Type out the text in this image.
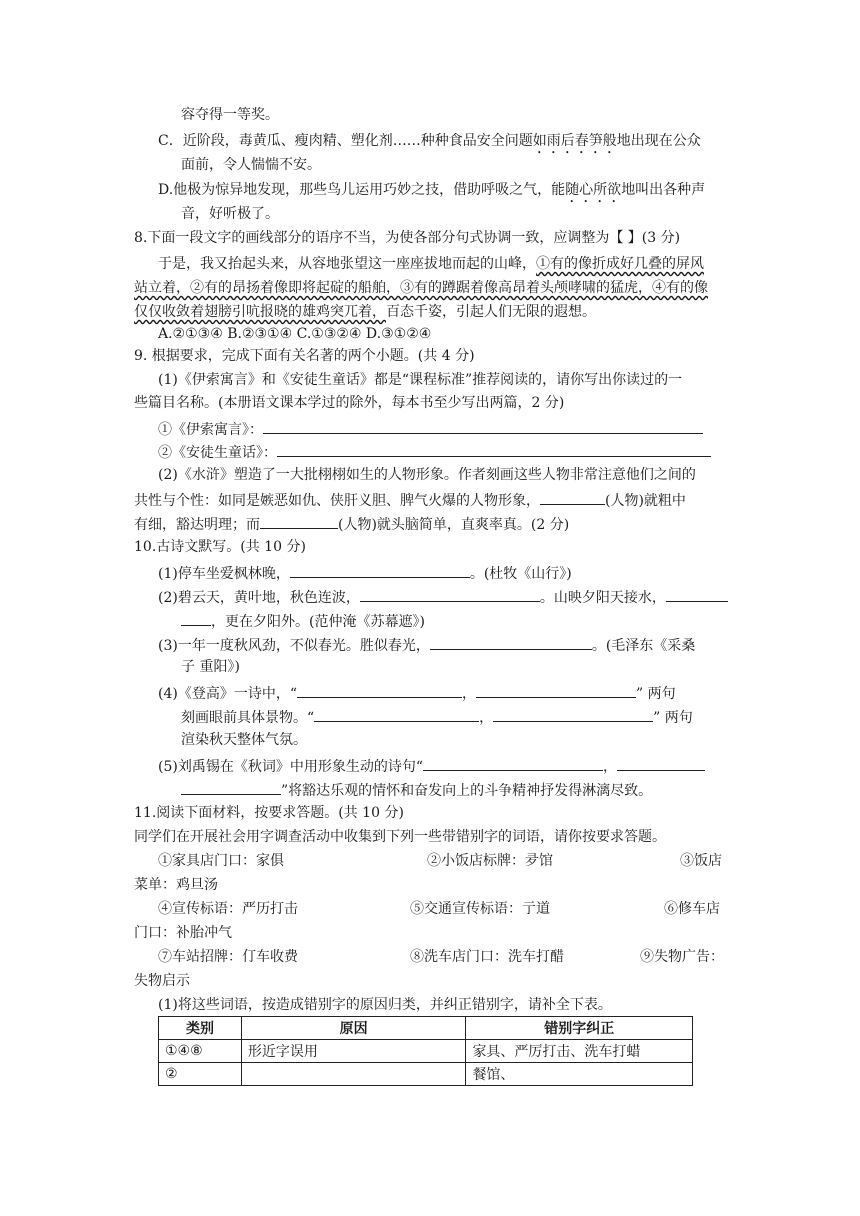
容夺得一等奖。
C．近阶段，毒黄瓜、瘦肉精、塑化剂……种种食品安全问题如雨后春笋般地出现在公众
面前，令人惴惴不安。
D.他极为惊异地发现，那些鸟儿运用巧妙之技，借助呼吸之气，能随心所欲地叫出各种声
音，好听极了。
8.下面一段文字的画线部分的语序不当，为使各部分句式协调一致，应调整为【 】(3 分)
于是，我又抬起头来，从容地张望这一座座拔地而起的山峰，①有的像折成好几叠的屏风
站立着，②有的昂扬着像即将起碇的船舶，③有的蹲踞着像高昂着头颅哮啸的猛虎，④有的像
仅仅收敛着翅膀引吭报晓的雄鸡突兀着，百态千姿，引起人们无限的遐想。
A.②①③④ B.②③①④ C.①③②④ D.③①②④
9. 根据要求，完成下面有关名著的两个小题。(共 4 分)
(1)《伊索寓言》和《安徒生童话》都是“课程标准”推荐阅读的，请你写出你读过的一
些篇目名称。(本册语文课本学过的除外，每本书至少写出两篇，2 分)
①《伊索寓言》：
②《安徒生童话》：
(2)《水浒》塑造了一大批栩栩如生的人物形象。作者刻画这些人物非常注意他们之间的
共性与个性：如同是嫉恶如仇、侠肝义胆、脾气火爆的人物形象，	(人物)就粗中
有细，豁达明理；而	(人物)就头脑简单，直爽率真。(2 分)
10.古诗文默写。(共 10 分)
(1)停车坐爱枫林晚，	。(杜牧《山行》)
(2)碧云天，黄叶地，秋色连波，	。山映夕阳天接水，
，更在夕阳外。(范仲淹《苏幕遮》)
(3)一年一度秋风劲，不似春光。胜似春光，	。(毛泽东《采桑
子 重阳》)
(4)《登高》一诗中，“	，	” 两句
刻画眼前具体景物。“	，	” 两句
渲染秋天整体气氛。
(5)刘禹锡在《秋词》中用形象生动的诗句“	，
”将豁达乐观的情怀和奋发向上的斗争精神抒发得淋漓尽致。
11.阅读下面材料，按要求答题。(共 10 分)
同学们在开展社会用字调查活动中收集到下列一些带错别字的词语，请你按要求答题。
①家具店门口：家俱	②小饭店标牌：夛馆	③饭店
菜单：鸡旦汤
④宣传标语：严历打击	⑤交通宣传标语：亍道	⑥修车店
门口：补胎冲气
⑦车站招牌：仃车收费	⑧洗车店门口：洗车打醋	⑨失物广告：
失物启示
(1)将这些词语，按造成错别字的原因归类，并纠正错别字，请补全下表。
类别	原因	错别字纠正
①④⑧	形近字误用	家具、严厉打击、洗车打蜡
②		餐馆、
